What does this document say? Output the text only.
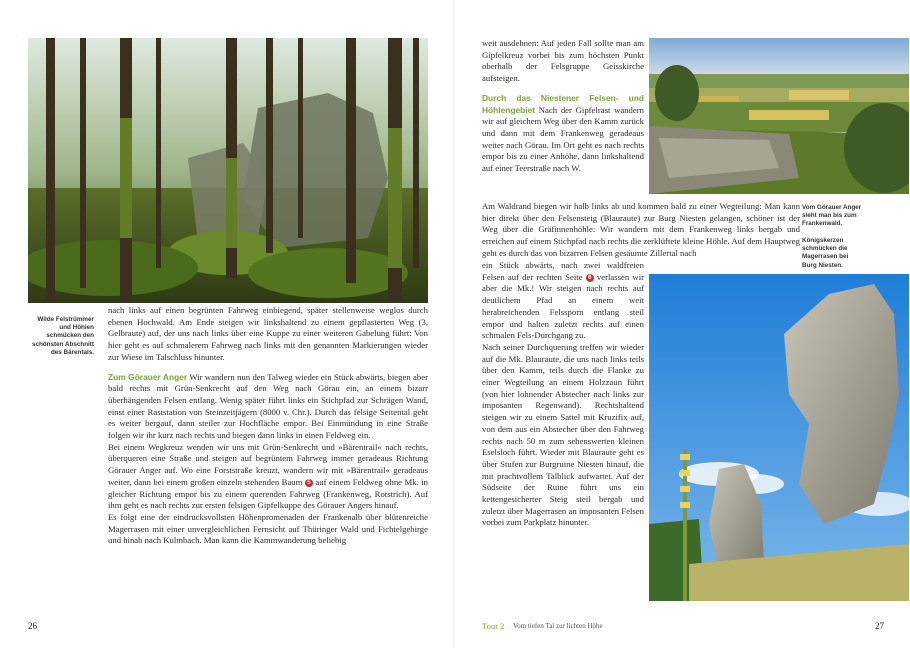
Wilde Felstrümmer und Höhlen schmücken den schönsten Abschnitt des Bärentals.

nach links auf einen begrünten Fahrweg einbiegend, später stellenweise weglos durch ebenen Hochwald. Am Ende steigen wir linkshaltend zu einem gepflasterten Weg (3, Gelbraute) auf, der uns nach links über eine Kuppe zu einer weiteren Gabelung führt: Von hier geht es auf schmalerem Fahrweg nach links mit den genannten Markierungen wieder zur Wiese im Talschluss hinunter.

Zum Görauer Anger Wir wandern nun den Talweg wieder ein Stück abwärts, biegen aber bald rechts mit Grün-Senkrecht auf den Weg nach Görau ein, an einem bizarr überhängenden Felsen entlang. Wenig später führt links ein Stichpfad zur Schrägen Wand, einst einer Raststation von Steinzeitjägern (8000 v. Chr.). Durch das felsige Seitental geht es weiter bergauf, dann steiler zur Hochfläche empor. Bei Einmündung in eine Straße folgen wir ihr kurz nach rechts und biegen dann links in einen Feldweg ein.

Bei einem Wegkreuz wenden wir uns mit Grün-Senkrecht und »Bärentrail« nach rechts, überqueren eine Straße und steigen auf begrüntem Fahrweg immer geradeaus Richtung Görauer Anger auf. Wo eine Forststraße kreuzt, wandern wir mit »Bärentrail« geradeaus weiter, dann bei einem großen einzeln stehenden Baum 5 auf einem Feldweg ohne Mk. in gleicher Richtung empor bis zu einem querenden Fahrweg (Frankenweg, Rotstrich). Auf ihm geht es nach rechts zur ersten felsigen Gipfelkuppe des Görauer Angers hinauf.

Es folgt eine der eindrucksvollsten Höhenpromenaden der Frankenalb über blütenreiche Magerrasen mit einer unvergleichlichen Fernsicht auf Thüringer Wald und Fichtelgebirge und hinab nach Kulmbach. Man kann die Kammwanderung beliebig

26

weit ausdehnen: Auf jeden Fall sollte man am Gipfelkreuz vorbei bis zum höchsten Punkt oberhalb der Felsgruppe Geisskirche aufsteigen.

Durch das Niestener Felsen- und Höhlengebiet Nach der Gipfelrast wandern wir auf gleichem Weg über den Kamm zurück und dann mit dem Frankenweg geradeaus weiter nach Görau. Im Ort geht es nach rechts empor bis zu einer Anhöhe, dann linkshaltend auf einer Teerstraße nach W.

Am Waldrand biegen wir halb links ab und kommen bald zu einer Wegteilung: Man kann hier direkt über den Felsensteig (Blauraute) zur Burg Niesten gelangen, schöner ist der Weg über die Gräfinnenhöhle: Wir wandern mit dem Frankenweg links bergab und erreichen auf einem Stichpfad nach rechts die zerklüftete kleine Höhle. Auf dem Hauptweg geht es durch das von bizarren Felsen gesäumte Zillertal nach

ein Stück abwärts, nach zwei waldfreien Felsen auf der rechten Seite 6 verlassen wir aber die Mk.! Wir steigen nach rechts auf deutlichem Pfad an einem weit herabreichenden Felssporn entlang steil empor und halten zuletzt rechts auf einen schmalen Fels-Durchgang zu.

Nach seiner Durchquerung treffen wir wieder auf die Mk. Blauraute, die uns nach links teils über den Kamm, teils durch die Flanke zu einer Wegteilung an einem Holzzaun führt (von hier lohnender Abstecher nach links zur imposanten Regenwand). Rechtshaltend steigen wir zu einem Sattel mit Kruzifix auf, von dem aus ein Abstecher über den Fahrweg rechts nach 50 m zum sehenswerten kleinen Eselsloch führt. Wieder mit Blauraute geht es über Stufen zur Burgruine Niesten hinauf, die mit prachtvollem Talblick aufwartet. Auf der Südseite der Ruine führt uns ein kettengesicherter Steig steil bergab und zuletzt über Magerrasen an imposanten Felsen vorbei zum Parkplatz hinunter.

Vom Görauer Anger sieht man bis zum Frankenwald.
Königskerzen schmücken die Magerrasen bei Burg Niesten.
Tour 2 Vom tiefen Tal zur lichten Höhe	27
